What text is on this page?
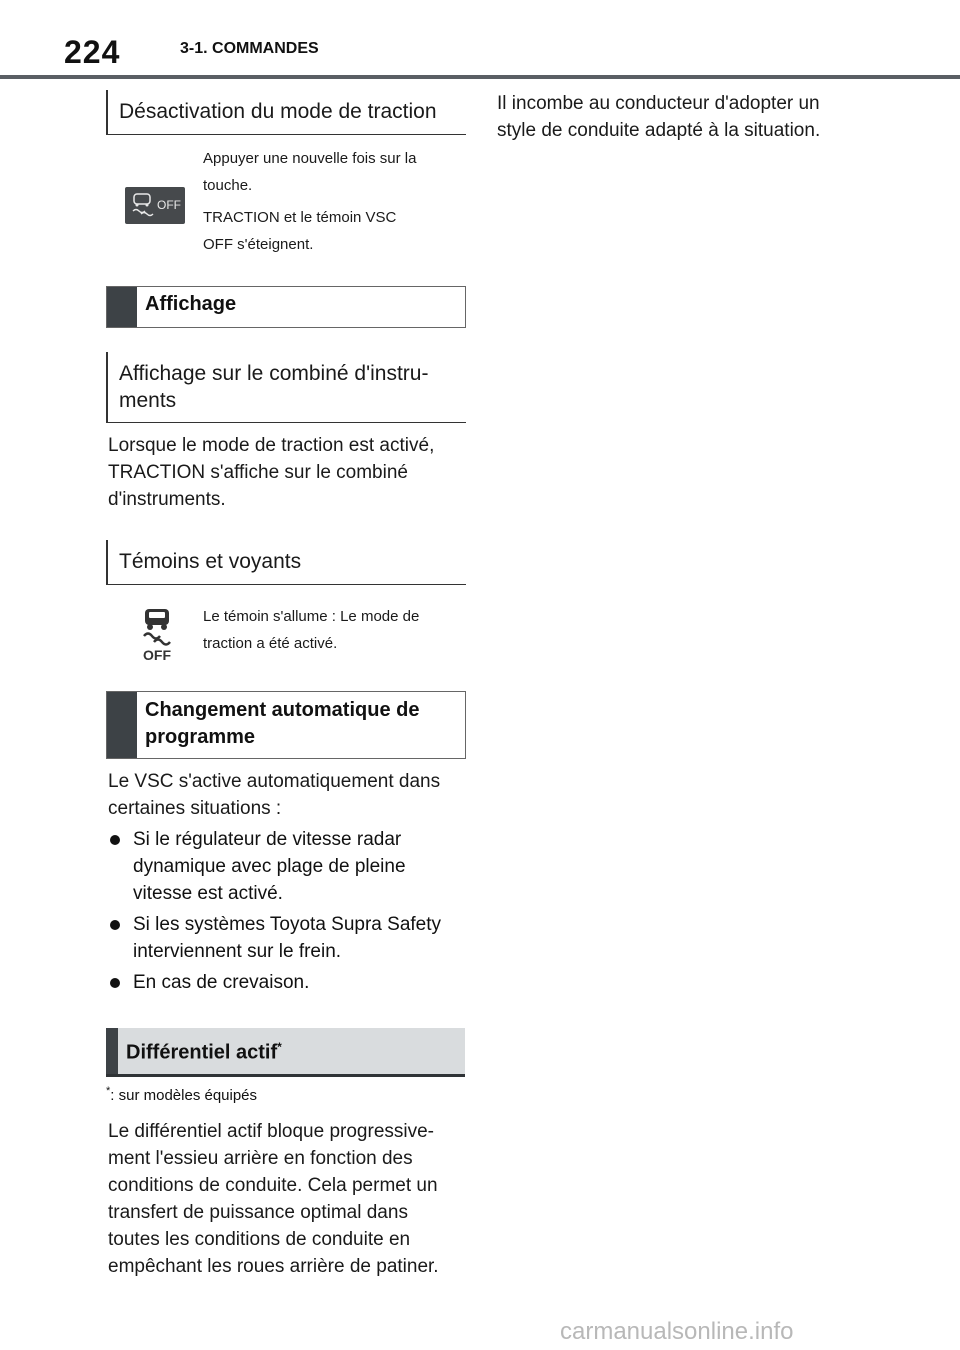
224	3-1. COMMANDES
Désactivation du mode de traction
OFF
Appuyer une nouvelle fois sur la
touche.
TRACTION et le témoin VSC
OFF s'éteignent.
Affichage
Affichage sur le combiné d'instru-
ments
Lorsque le mode de traction est activé,
TRACTION s'affiche sur le combiné
d'instruments.
Témoins et voyants
OFF
Le témoin s'allume : Le mode de
traction a été activé.
Changement automatique de
programme
Le VSC s'active automatiquement dans
certaines situations :
Si le régulateur de vitesse radar
dynamique avec plage de pleine
vitesse est activé.
Si les systèmes Toyota Supra Safety
interviennent sur le frein.
En cas de crevaison.
Différentiel actif*
*: sur modèles équipés
Le différentiel actif bloque progressive-
ment l'essieu arrière en fonction des
conditions de conduite. Cela permet un
transfert de puissance optimal dans
toutes les conditions de conduite en
empêchant les roues arrière de patiner.
Il incombe au conducteur d'adopter un
style de conduite adapté à la situation.
carmanualsonline.info
